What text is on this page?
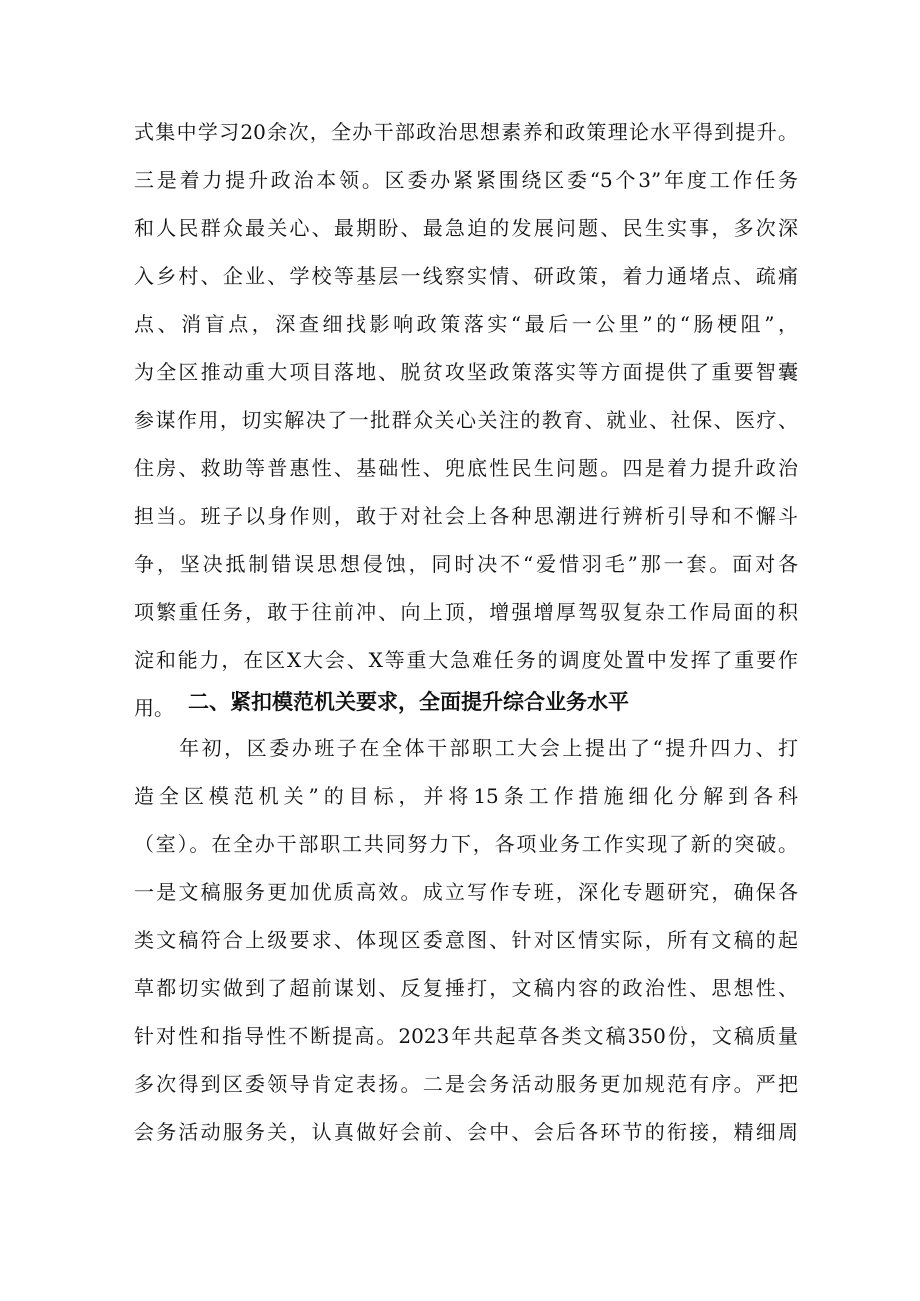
式集中学习20余次，全办干部政治思想素养和政策理论水平得到提升。
三是着力提升政治本领。区委办紧紧围绕区委“5个3”年度工作任务
和人民群众最关心、最期盼、最急迫的发展问题、民生实事，多次深
入乡村、企业、学校等基层一线察实情、研政策，着力通堵点、疏痛
点、消盲点，深查细找影响政策落实“最后一公里”的“肠梗阻”，
为全区推动重大项目落地、脱贫攻坚政策落实等方面提供了重要智囊
参谋作用，切实解决了一批群众关心关注的教育、就业、社保、医疗、
住房、救助等普惠性、基础性、兜底性民生问题。四是着力提升政治
担当。班子以身作则，敢于对社会上各种思潮进行辨析引导和不懈斗
争，坚决抵制错误思想侵蚀，同时决不“爱惜羽毛”那一套。面对各
项繁重任务，敢于往前冲、向上顶，增强增厚驾驭复杂工作局面的积
淀和能力，在区X大会、X等重大急难任务的调度处置中发挥了重要作
用。 二、紧扣模范机关要求，全面提升综合业务水平
　　年初，区委办班子在全体干部职工大会上提出了“提升四力、打
造全区模范机关”的目标，并将15条工作措施细化分解到各科
（室）。在全办干部职工共同努力下，各项业务工作实现了新的突破。
一是文稿服务更加优质高效。成立写作专班，深化专题研究，确保各
类文稿符合上级要求、体现区委意图、针对区情实际，所有文稿的起
草都切实做到了超前谋划、反复捶打，文稿内容的政治性、思想性、
针对性和指导性不断提高。2023年共起草各类文稿350份，文稿质量
多次得到区委领导肯定表扬。二是会务活动服务更加规范有序。严把
会务活动服务关，认真做好会前、会中、会后各环节的衔接，精细周
